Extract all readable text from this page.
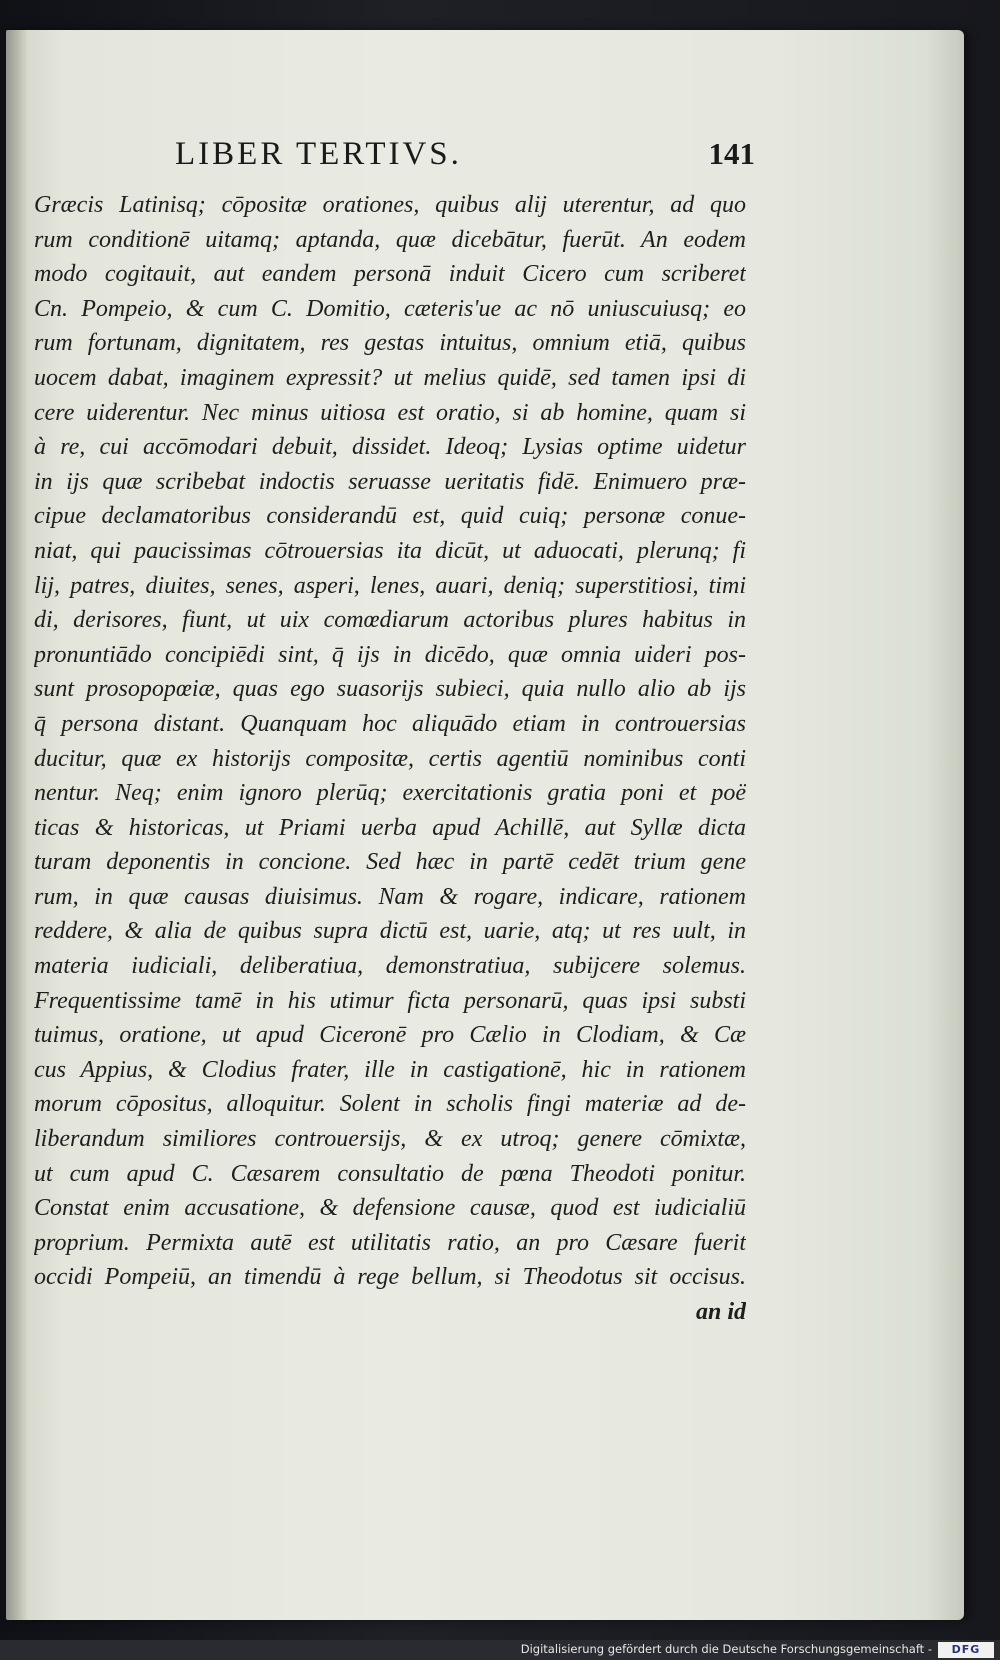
LIBER TERTIVS.	141
Græcis Latinisq; cōpositæ orationes, quibus alij uterentur, ad quo
rum conditionē uitamq; aptanda, quæ dicebātur, fuerūt. An eodem
modo cogitauit, aut eandem personā induit Cicero cum scriberet
Cn. Pompeio, & cum C. Domitio, cæteris'ue ac nō uniuscuiusq; eo
rum fortunam, dignitatem, res gestas intuitus, omnium etiā, quibus
uocem dabat, imaginem expressit? ut melius quidē, sed tamen ipsi di
cere uiderentur. Nec minus uitiosa est oratio, si ab homine, quam si
à re, cui accōmodari debuit, dissidet. Ideoq; Lysias optime uidetur
in ijs quæ scribebat indoctis seruasse ueritatis fidē. Enimuero præ-
cipue declamatoribus considerandū est, quid cuiq; personæ conue-
niat, qui paucissimas cōtrouersias ita dicūt, ut aduocati, plerunq; fi
lij, patres, diuites, senes, asperi, lenes, auari, deniq; superstitiosi, timi
di, derisores, fiunt, ut uix comœdiarum actoribus plures habitus in
pronuntiādo concipiēdi sint, q̄ ijs in dicēdo, quæ omnia uideri pos-
sunt prosopopœiæ, quas ego suasorijs subieci, quia nullo alio ab ijs
q̄ persona distant. Quanquam hoc aliquādo etiam in controuersias
ducitur, quæ ex historijs compositæ, certis agentiū nominibus conti
nentur. Neq; enim ignoro plerūq; exercitationis gratia poni et poë
ticas & historicas, ut Priami uerba apud Achillē, aut Syllæ dicta
turam deponentis in concione. Sed hæc in partē cedēt trium gene
rum, in quæ causas diuisimus. Nam & rogare, indicare, rationem
reddere, & alia de quibus supra dictū est, uarie, atq; ut res uult, in
materia iudiciali, deliberatiua, demonstratiua, subijcere solemus.
Frequentissime tamē in his utimur ficta personarū, quas ipsi substi
tuimus, oratione, ut apud Ciceronē pro Cælio in Clodiam, & Cæ
cus Appius, & Clodius frater, ille in castigationē, hic in rationem
morum cōpositus, alloquitur. Solent in scholis fingi materiæ ad de-
liberandum similiores controuersijs, & ex utroq; genere cōmixtæ,
ut cum apud C. Cæsarem consultatio de pœna Theodoti ponitur.
Constat enim accusatione, & defensione causæ, quod est iudicialiū
proprium. Permixta autē est utilitatis ratio, an pro Cæsare fuerit
occidi Pompeiū, an timendū à rege bellum, si Theodotus sit occisus.
an id
Digitalisierung gefördert durch die Deutsche Forschungsgemeinschaft -	DFG
